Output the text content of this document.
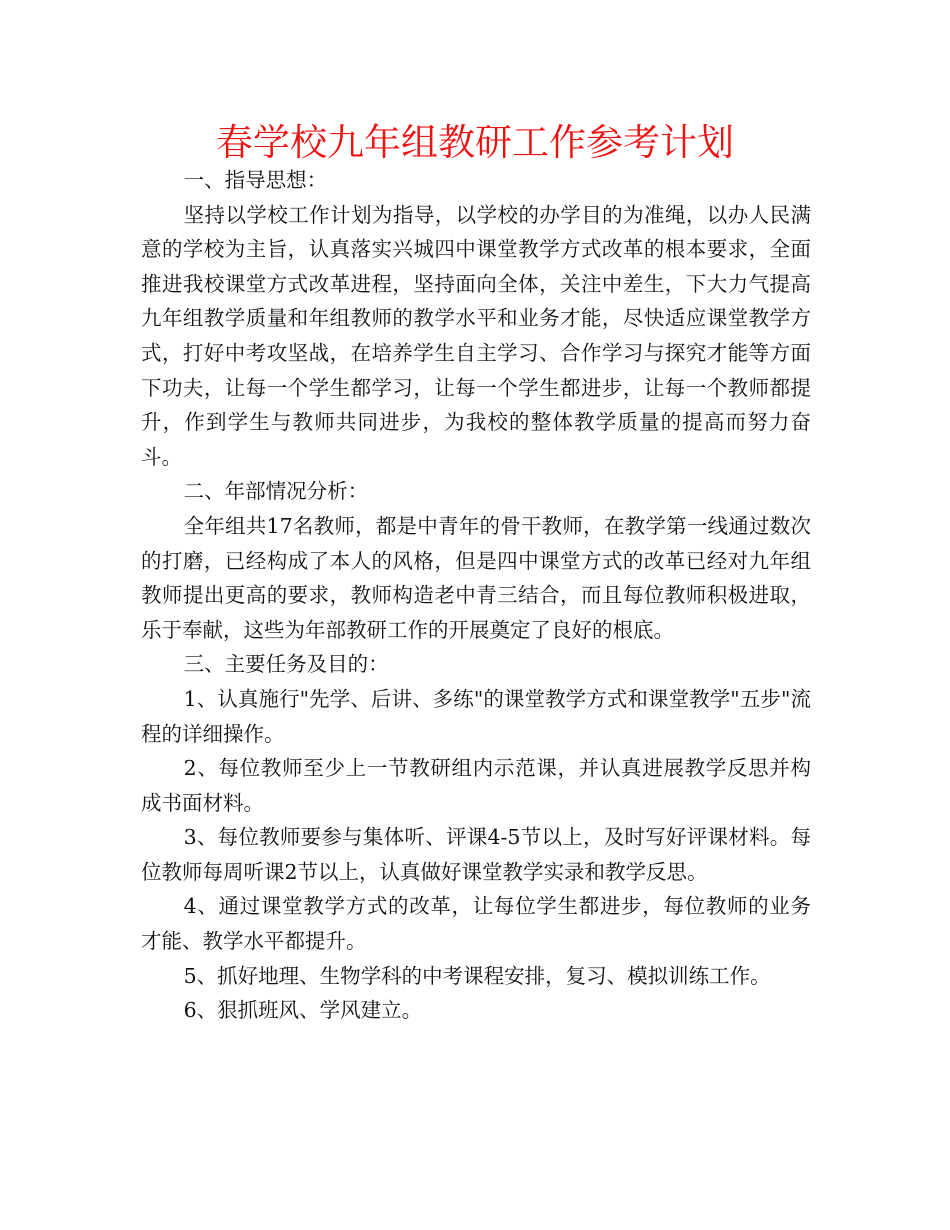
春学校九年组教研工作参考计划

一、指导思想：

坚持以学校工作计划为指导，以学校的办学目的为准绳，以办人民满意的学校为主旨，认真落实兴城四中课堂教学方式改革的根本要求，全面推进我校课堂方式改革进程，坚持面向全体，关注中差生，下大力气提高九年组教学质量和年组教师的教学水平和业务才能，尽快适应课堂教学方式，打好中考攻坚战，在培养学生自主学习、合作学习与探究才能等方面下功夫，让每一个学生都学习，让每一个学生都进步，让每一个教师都提升，作到学生与教师共同进步，为我校的整体教学质量的提高而努力奋斗。

二、年部情况分析：

全年组共17名教师，都是中青年的骨干教师，在教学第一线通过数次的打磨，已经构成了本人的风格，但是四中课堂方式的改革已经对九年组教师提出更高的要求，教师构造老中青三结合，而且每位教师积极进取，乐于奉献，这些为年部教研工作的开展奠定了良好的根底。

三、主要任务及目的：

1、认真施行"先学、后讲、多练"的课堂教学方式和课堂教学"五步"流程的详细操作。

2、每位教师至少上一节教研组内示范课，并认真进展教学反思并构成书面材料。

3、每位教师要参与集体听、评课4-5节以上，及时写好评课材料。每位教师每周听课2节以上，认真做好课堂教学实录和教学反思。

4、通过课堂教学方式的改革，让每位学生都进步，每位教师的业务才能、教学水平都提升。

5、抓好地理、生物学科的中考课程安排，复习、模拟训练工作。

6、狠抓班风、学风建立。
